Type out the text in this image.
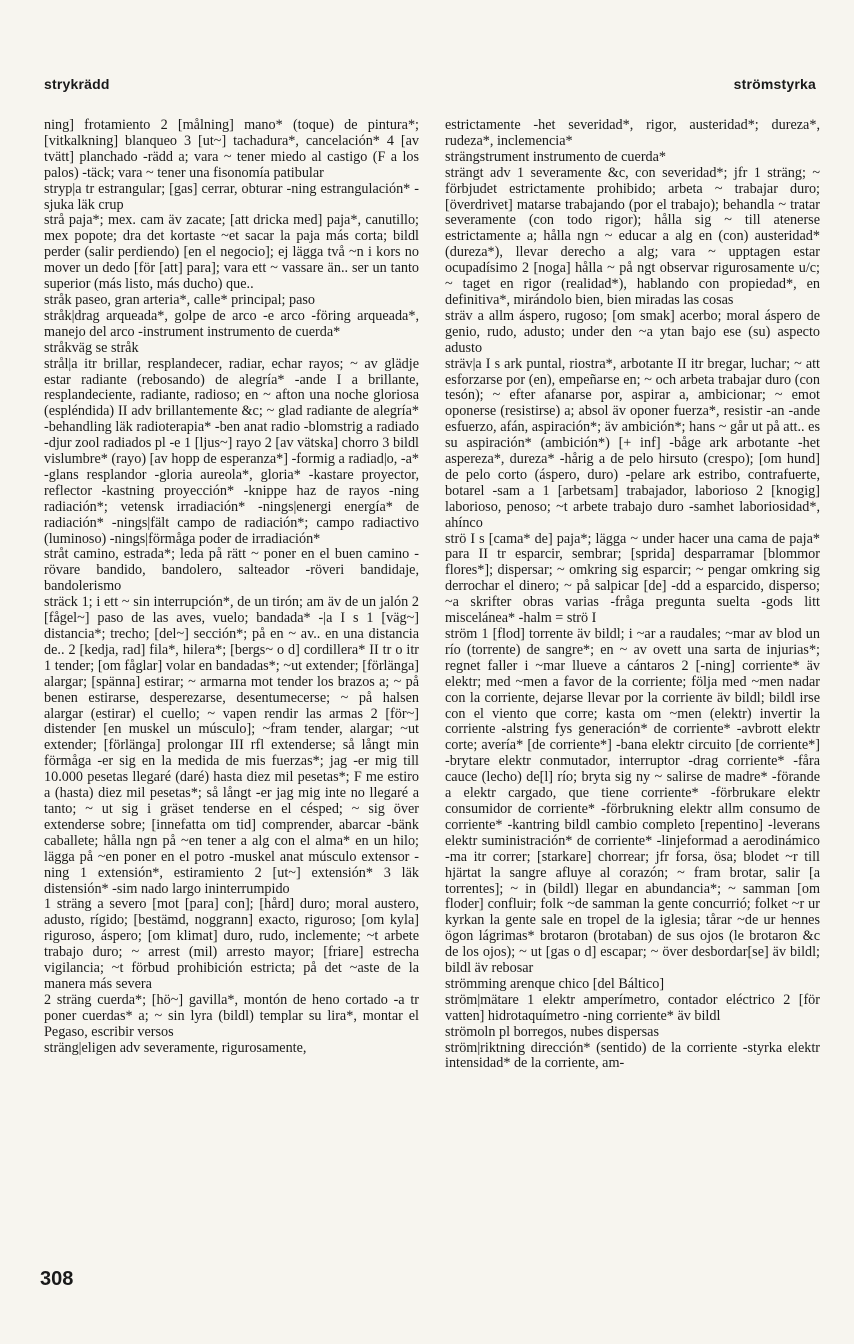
strykrädd	strömstyrka

ning] frotamiento 2 [målning] mano* (toque) de pintura*; [vitkalkning] blanqueo 3 [ut~] tachadura*, cancelación* 4 [av tvätt] planchado -rädd a; vara ~ tener miedo al castigo (F a los palos) -täck; vara ~ tener una fisonomía patibular

stryp|a tr estrangular; [gas] cerrar, obturar -ning estrangulación* -sjuka läk crup

strå paja*; mex. cam äv zacate; [att dricka med] paja*, canutillo; mex popote; dra det kortaste ~et sacar la paja más corta; bildl perder (salir perdiendo) [en el negocio]; ej lägga två ~n i kors no mover un dedo [för [att] para]; vara ett ~ vassare än.. ser un tanto superior (más listo, más ducho) que..

stråk paseo, gran arteria*, calle* principal; paso

stråk|drag arqueada*, golpe de arco -e arco -föring arqueada*, manejo del arco -instrument instrumento de cuerda*

stråkväg se stråk

strål|a itr brillar, resplandecer, radiar, echar rayos; ~ av glädje estar radiante (rebosando) de alegría* -ande I a brillante, resplandeciente, radiante, radioso; en ~ afton una noche gloriosa (espléndida) II adv brillantemente &c; ~ glad radiante de alegría* -behandling läk radioterapia* -ben anat radio -blomstrig a radiado -djur zool radiados pl -e 1 [ljus~] rayo 2 [av vätska] chorro 3 bildl vislumbre* (rayo) [av hopp de esperanza*] -formig a radiad|o, -a* -glans resplandor -gloria aureola*, gloria* -kastare proyector, reflector -kastning proyección* -knippe haz de rayos -ning radiación*; vetensk irradiación* -nings|energi energía* de radiación* -nings|fält campo de radiación*; campo radiactivo (luminoso) -nings|förmåga poder de irradiación*

stråt camino, estrada*; leda på rätt ~ poner en el buen camino -rövare bandido, bandolero, salteador -röveri bandidaje, bandolerismo

sträck 1; i ett ~ sin interrupción*, de un tirón; am äv de un jalón 2 [fågel~] paso de las aves, vuelo; bandada* -|a I s 1 [väg~] distancia*; trecho; [del~] sección*; på en ~ av.. en una distancia de.. 2 [kedja, rad] fila*, hilera*; [bergs~ o d] cordillera* II tr o itr 1 tender; [om fåglar] volar en bandadas*; ~ut extender; [förlänga] alargar; [spänna] estirar; ~ armarna mot tender los brazos a; ~ på benen estirarse, desperezarse, desentumecerse; ~ på halsen alargar (estirar) el cuello; ~ vapen rendir las armas 2 [för~] distender [en muskel un músculo]; ~fram tender, alargar; ~ut extender; [förlänga] prolongar III rfl extenderse; så långt min förmåga -er sig en la medida de mis fuerzas*; jag -er mig till 10.000 pesetas llegaré (daré) hasta diez mil pesetas*; F me estiro a (hasta) diez mil pesetas*; så långt -er jag mig inte no llegaré a tanto; ~ ut sig i gräset tenderse en el césped; ~ sig över extenderse sobre; [innefatta om tid] comprender, abarcar -bänk caballete; hålla ngn på ~en tener a alg con el alma* en un hilo; lägga på ~en poner en el potro -muskel anat músculo extensor -ning 1 extensión*, estiramiento 2 [ut~] extensión* 3 läk distensión* -sim nado largo ininterrumpido

1 sträng a severo [mot [para] con]; [hård] duro; moral austero, adusto, rígido; [bestämd, noggrann] exacto, riguroso; [om kyla] riguroso, áspero; [om klimat] duro, rudo, inclemente; ~t arbete trabajo duro; ~ arrest (mil) arresto mayor; [friare] estrecha vigilancia; ~t förbud prohibición estricta; på det ~aste de la manera más severa

2 sträng cuerda*; [hö~] gavilla*, montón de heno cortado -a tr poner cuerdas* a; ~ sin lyra (bildl) templar su lira*, montar el Pegaso, escribir versos

sträng|eligen adv severamente, rigurosamente,

estrictamente -het severidad*, rigor, austeridad*; dureza*, rudeza*, inclemencia*

strängstrument instrumento de cuerda*

strängt adv 1 severamente &c, con severidad*; jfr 1 sträng; ~ förbjudet estrictamente prohibido; arbeta ~ trabajar duro; [överdrivet] matarse trabajando (por el trabajo); behandla ~ tratar severamente (con todo rigor); hålla sig ~ till atenerse estrictamente a; hålla ngn ~ educar a alg en (con) austeridad* (dureza*), llevar derecho a alg; vara ~ upptagen estar ocupadísimo 2 [noga] hålla ~ på ngt observar rigurosamente u/c; ~ taget en rigor (realidad*), hablando con propiedad*, en definitiva*, mirándolo bien, bien miradas las cosas

sträv a allm áspero, rugoso; [om smak] acerbo; moral áspero de genio, rudo, adusto; under den ~a ytan bajo ese (su) aspecto adusto

sträv|a I s ark puntal, riostra*, arbotante II itr bregar, luchar; ~ att esforzarse por (en), empeñarse en; ~ och arbeta trabajar duro (con tesón); ~ efter afanarse por, aspirar a, ambicionar; ~ emot oponerse (resistirse) a; absol äv oponer fuerza*, resistir -an -ande esfuerzo, afán, aspiración*; äv ambición*; hans ~ går ut på att.. es su aspiración* (ambición*) [+ inf] -båge ark arbotante -het aspereza*, dureza* -hårig a de pelo hirsuto (crespo); [om hund] de pelo corto (áspero, duro) -pelare ark estribo, contrafuerte, botarel -sam a 1 [arbetsam] trabajador, laborioso 2 [knogig] laborioso, penoso; ~t arbete trabajo duro -samhet laboriosidad*, ahínco

strö I s [cama* de] paja*; lägga ~ under hacer una cama de paja* para II tr esparcir, sembrar; [sprida] desparramar [blommor flores*]; dispersar; ~ omkring sig esparcir; ~ pengar omkring sig derrochar el dinero; ~ på salpicar [de] -dd a esparcido, disperso; ~a skrifter obras varias -fråga pregunta suelta -gods litt miscelánea* -halm = strö I

ström 1 [flod] torrente äv bildl; i ~ar a raudales; ~mar av blod un río (torrente) de sangre*; en ~ av ovett una sarta de injurias*; regnet faller i ~mar llueve a cántaros 2 [-ning] corriente* äv elektr; med ~men a favor de la corriente; följa med ~men nadar con la corriente, dejarse llevar por la corriente äv bildl; bildl irse con el viento que corre; kasta om ~men (elektr) invertir la corriente -alstring fys generación* de corriente* -avbrott elektr corte; avería* [de corriente*] -bana elektr circuito [de corriente*] -brytare elektr conmutador, interruptor -drag corriente* -fåra cauce (lecho) de[l] río; bryta sig ny ~ salirse de madre* -förande a elektr cargado, que tiene corriente* -förbrukare elektr consumidor de corriente* -förbrukning elektr allm consumo de corriente* -kantring bildl cambio completo [repentino] -leverans elektr suministración* de corriente* -linjeformad a aerodinámico -ma itr correr; [starkare] chorrear; jfr forsa, ösa; blodet ~r till hjärtat la sangre afluye al corazón; ~ fram brotar, salir [a torrentes]; ~ in (bildl) llegar en abundancia*; ~ samman [om floder] confluir; folk ~de samman la gente concurrió; folket ~r ur kyrkan la gente sale en tropel de la iglesia; tårar ~de ur hennes ögon lágrimas* brotaron (brotaban) de sus ojos (le brotaron &c de los ojos); ~ ut [gas o d] escapar; ~ över desbordar[se] äv bildl; bildl äv rebosar

strömming arenque chico [del Báltico]

ström|mätare 1 elektr amperímetro, contador eléctrico 2 [för vatten] hidrotaquímetro -ning corriente* äv bildl

strömoln pl borregos, nubes dispersas

ström|riktning dirección* (sentido) de la corriente -styrka elektr intensidad* de la corriente, am-

308
